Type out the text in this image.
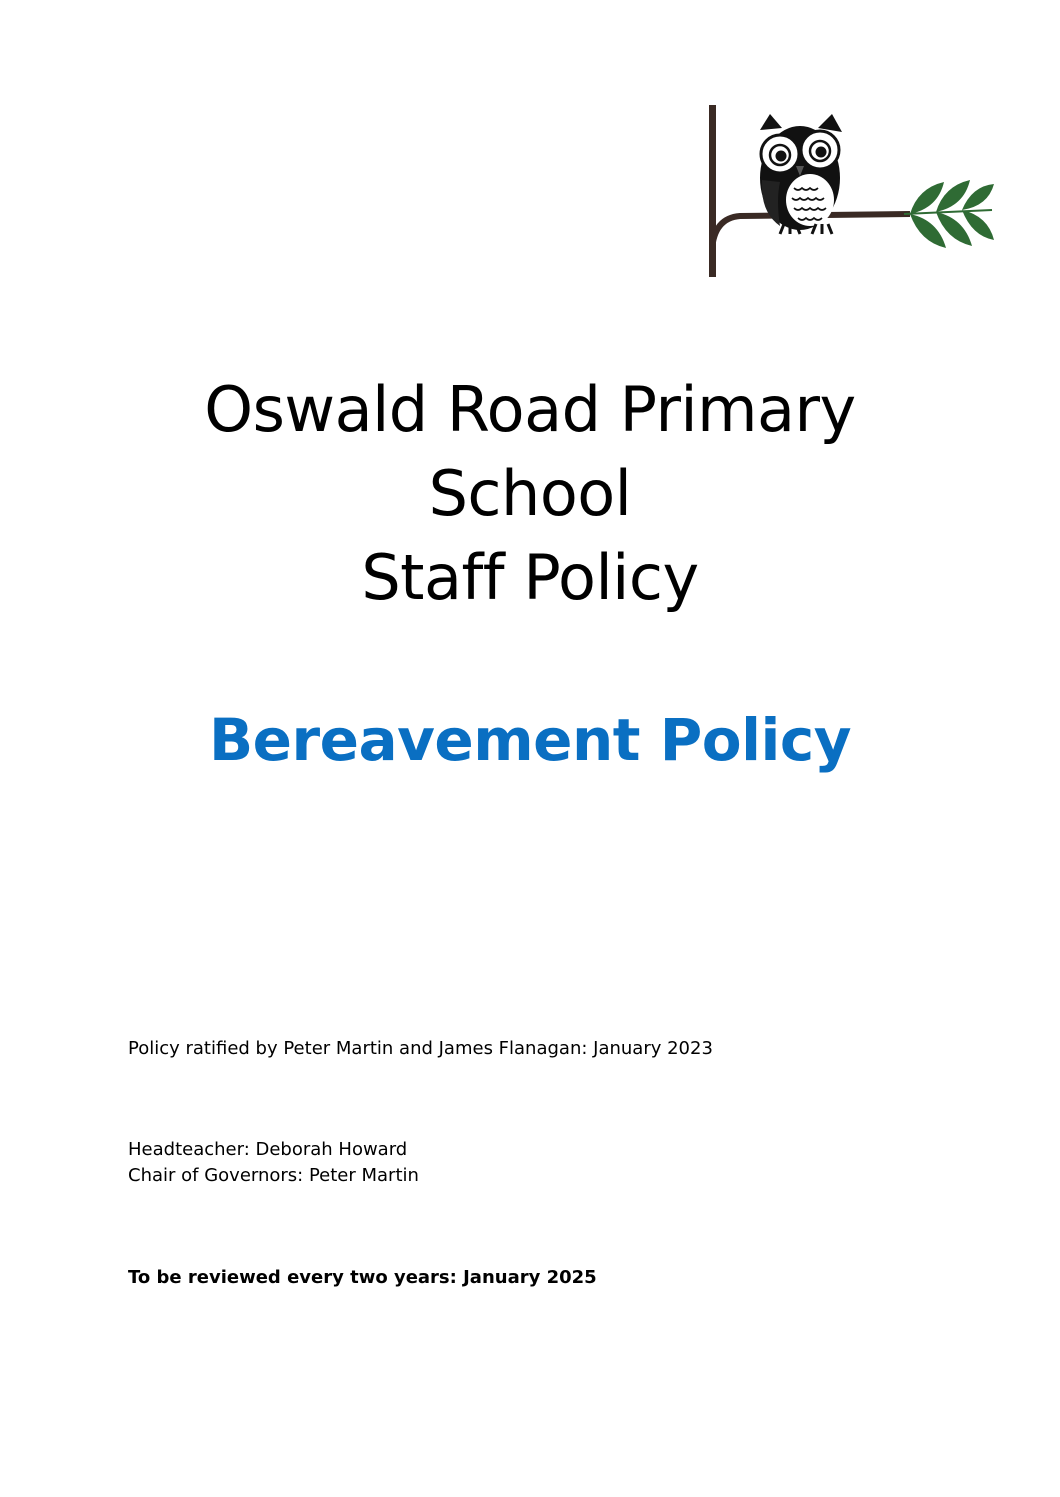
Oswald Road Primary
School
Staff Policy
Bereavement Policy
Policy ratified by Peter Martin and James Flanagan: January 2023
Headteacher: Deborah Howard
Chair of Governors: Peter Martin
To be reviewed every two years: January 2025
